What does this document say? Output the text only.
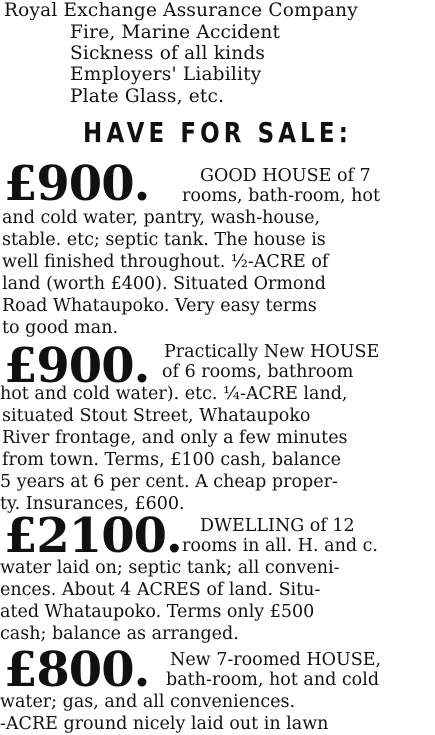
Royal Exchange Assurance Company
Fire, Marine Accident
Sickness of all kinds
Employers' Liability
Plate Glass, etc.
HAVE FOR SALE:
£900.	GOOD HOUSE of 7
rooms, bath-room, hot
and cold water, pantry, wash-house,
stable. etc; septic tank. The house is
well finished throughout. ½-ACRE of
land (worth £400). Situated Ormond
Road Whataupoko. Very easy terms
to good man.
£900. Practically New HOUSE
of 6 rooms, bathroom
hot and cold water). etc. ¼-ACRE land,
situated Stout Street, Whataupoko
River frontage, and only a few minutes
from town. Terms, £100 cash, balance
5 years at 6 per cent. A cheap proper-
ty. Insurances, £600.
£2100. DWELLING of 12
rooms in all. H. and c.
water laid on; septic tank; all conveni-
ences. About 4 ACRES of land. Situ-
ated Whataupoko. Terms only £500
cash; balance as arranged.
£800. New 7-roomed HOUSE,
bath-room, hot and cold
water; gas, and all conveniences.
-ACRE ground nicely laid out in lawn
